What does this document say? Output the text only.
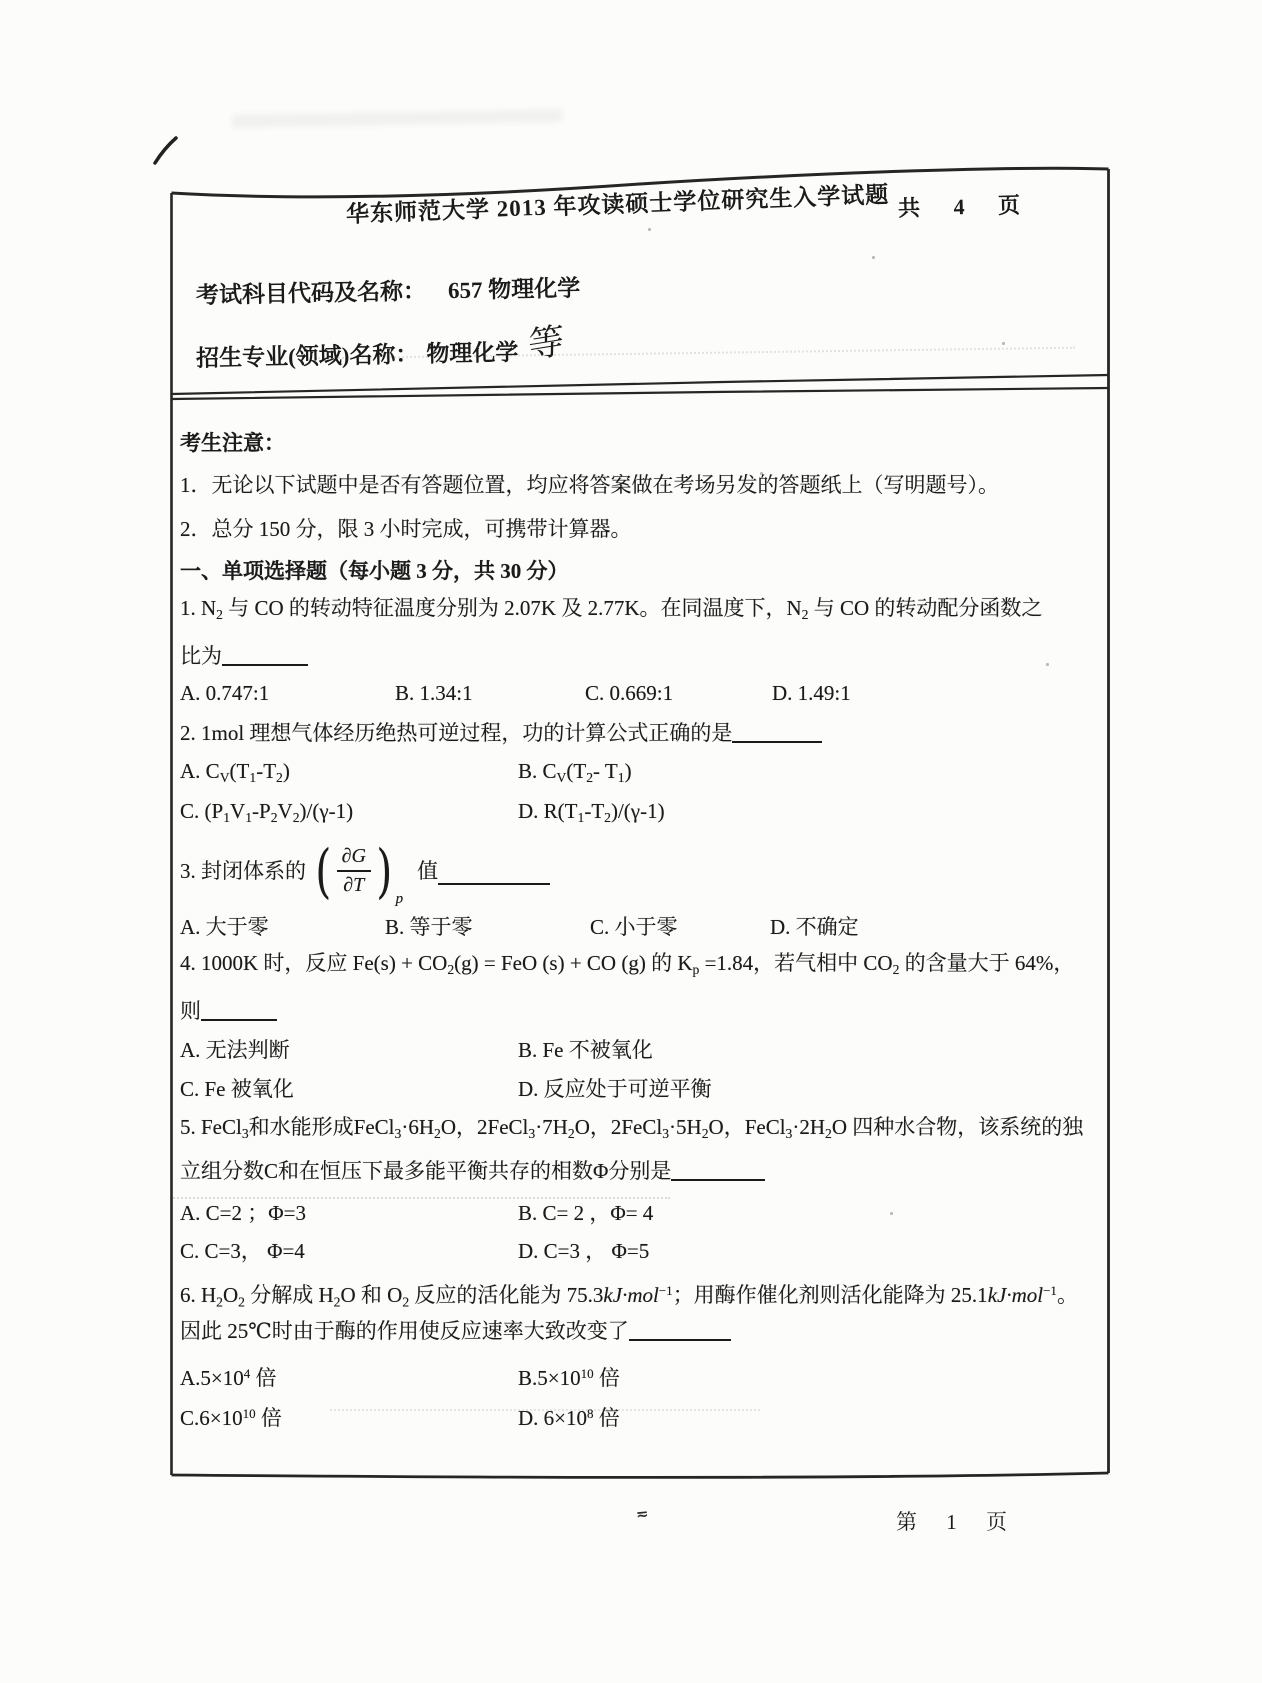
华东师范大学 2013 年攻读硕士学位研究生入学试题 共 4 页
考试科目代码及名称： 657 物理化学
招生专业(领域)名称： 物理化学 等
考生注意：
1．无论以下试题中是否有答题位置，均应将答案做在考场另发的答题纸上（写明题号）。
2．总分 150 分，限 3 小时完成，可携带计算器。
一、单项选择题（每小题 3 分，共 30 分）
1. $N_2$ 与 CO 的转动特征温度分别为 2.07K 及 2.77K。在同温度下，$N_2$ 与 CO 的转动配分函数之
比为
A. 0.747:1	B. 1.34:1	C. 0.669:1	D. 1.49:1
2. 1mol 理想气体经历绝热可逆过程，功的计算公式正确的是
A. $C_V(T_1-T_2)$	B. $C_V(T_2-$ $T_1$)
C. $(P_1V_1-P_2V_2)/(\gamma-1)$	D. $R(T_1-T_2)/(\gamma-1)$
3. 封闭体系的 ( $\frac{\partial G}{\partial T}$ ) p
值
A. 大于零	B. 等于零	C. 小于零	D. 不确定
4. 1000K 时，反应 $Fe(s) + CO_2(g)$ = FeO (s) + CO (g) 的 $K_p =1.84$，若气相中 $CO_2$ 的含量大于 64%，
则
A. 无法判断	B. Fe 不被氧化
C. Fe 被氧化	D. 反应处于可逆平衡
5. FeCl$_3$和水能形成$FeCl_3\cdot 6H_2O$，$2FeCl_3\cdot 7H_2O$，$2FeCl_3\cdot 5H_2O$，$FeCl_3\cdot 2H_2O$ 四种水合物，该系统的独
立组分数C和在恒压下最多能平衡共存的相数Φ分别是
A. C=2 ；Φ=3	B. C= 2 ，Φ= 4
C. C=3， Φ=4	D. C=3 ， Φ=5
6. $H_2O_2$ 分解成 $H_2O$ 和 $O_2$ 反应的活化能为 75.3kJ·mol$^{-1}$；用酶作催化剂则活化能降为 25.1kJ·mol$^{-1}$。
因此 25℃时由于酶的作用使反应速率大致改变了
$A.5\times 10^4$ 倍	$B.5\times 10^{10}$ 倍
$C.6\times 10^{10}$ 倍	D. $6\times 10^8$ 倍
≂	第 1 页
